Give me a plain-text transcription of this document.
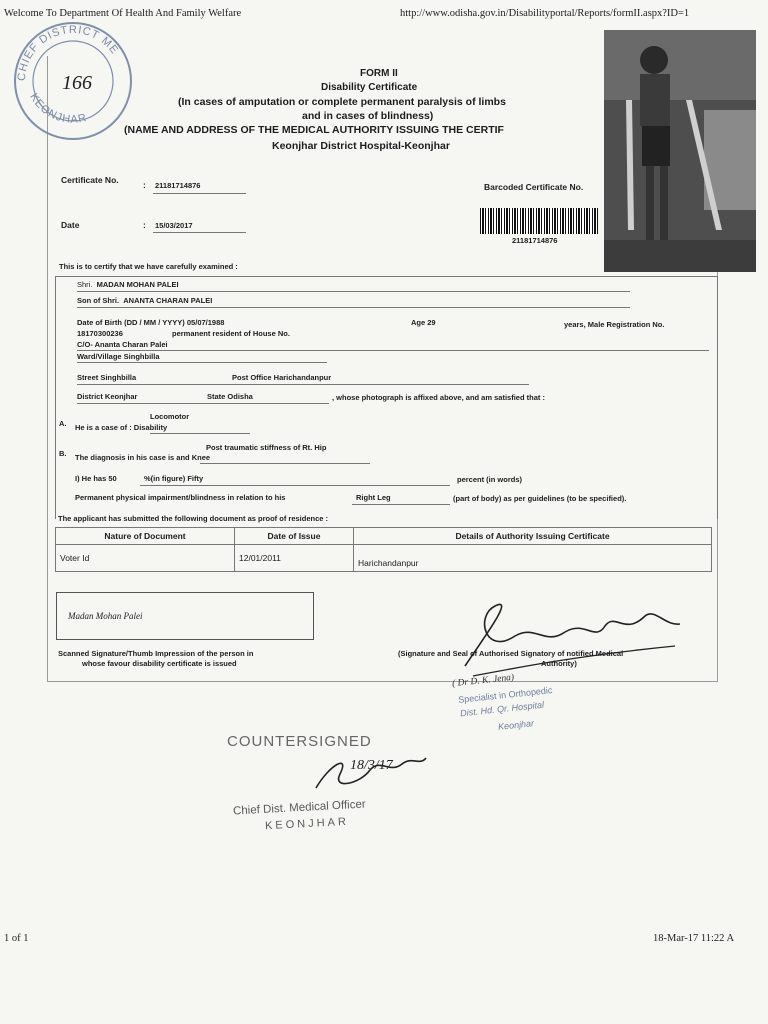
Welcome To Department Of Health And Family Welfare	http://www.odisha.gov.in/Disabilityportal/Reports/formII.aspx?ID=1
CHIEF DISTRICT ME
KEONJHAR
166	FORM II
Disability Certificate
(In cases of amputation or complete permanent paralysis of limbs
and in cases of blindness)
(NAME AND ADDRESS OF THE MEDICAL AUTHORITY ISSUING THE CERTIF
Keonjhar District Hospital-Keonjhar
Certificate No.	: 21181714876	Barcoded Certificate No.
Date	: 15/03/2017
21181714876
This is to certify that we have carefully examined :
Shri. MADAN MOHAN PALEI
Son of Shri. ANANTA CHARAN PALEI
Date of Birth (DD / MM / YYYY) 05/07/1988	Age 29	years, Male Registration No.
18170300236	permanent resident of House No.
C/O- Ananta Charan Palei
Ward/Village Singhbilla
Street Singhbilla	Post Office Harichandanpur
District Keonjhar	State Odisha	, whose photograph is affixed above, and am satisfied that :
A.
Locomotor
He is a case of : Disability
B.
Post traumatic stiffness of Rt. Hip
The diagnosis in his case is and Knee
I) He has 50	%(in figure) Fifty	percent (in words)
Permanent physical impairment/blindness in relation to his	Right Leg	(part of body) as per guidelines (to be specified).
The applicant has submitted the following document as proof of residence :
Nature of Document	Date of Issue	Details of Authority Issuing Certificate
Voter Id	12/01/2011	Harichandanpur
Madan Mohan Palei
Scanned Signature/Thumb Impression of the person in
whose favour disability certificate is issued
(Signature and Seal of Authorised Signatory of notified Medical
Authority)
( Dr D. K. Jena)
Specialist in Orthopedic
Dist. Hd. Qr. Hospital
Keonjhar
COUNTERSIGNED
18/3/17
Chief Dist. Medical Officer
KEONJHAR
1 of 1	18-Mar-17 11:22 A
